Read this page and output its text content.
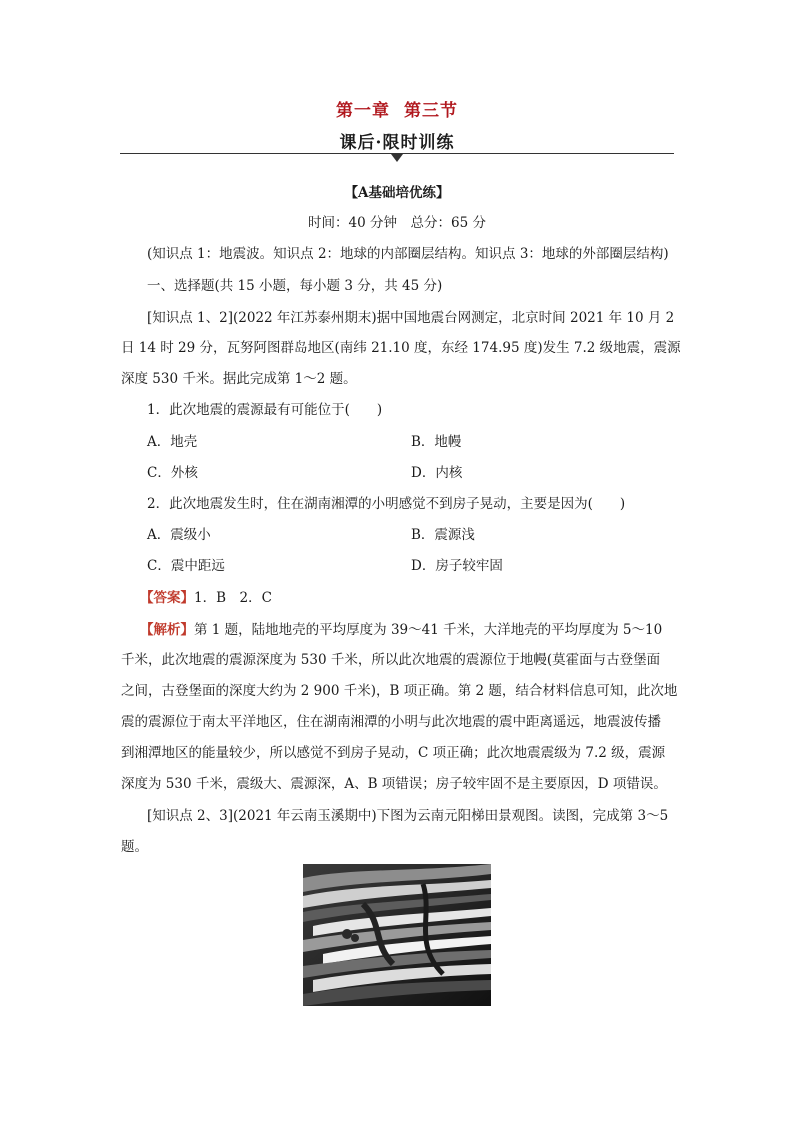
第一章 第三节
课后·限时训练
【A基础培优练】
时间：40 分钟　总分：65 分
(知识点 1：地震波。知识点 2：地球的内部圈层结构。知识点 3：地球的外部圈层结构)
一、选择题(共 15 小题，每小题 3 分，共 45 分)
[知识点 1、2](2022 年江苏泰州期末)据中国地震台网测定，北京时间 2021 年 10 月 2
日 14 时 29 分，瓦努阿图群岛地区(南纬 21.10 度，东经 174.95 度)发生 7.2 级地震，震源
深度 530 千米。据此完成第 1～2 题。
1．此次地震的震源最有可能位于(　　)
A．地壳	B．地幔
C．外核	D．内核
2．此次地震发生时，住在湖南湘潭的小明感觉不到房子晃动，主要是因为(　　)
A．震级小	B．震源浅
C．震中距远	D．房子较牢固
【答案】1．B　2．C
【解析】第 1 题，陆地地壳的平均厚度为 39～41 千米，大洋地壳的平均厚度为 5～10
千米，此次地震的震源深度为 530 千米，所以此次地震的震源位于地幔(莫霍面与古登堡面
之间，古登堡面的深度大约为 2 900 千米)，B 项正确。第 2 题，结合材料信息可知，此次地
震的震源位于南太平洋地区，住在湖南湘潭的小明与此次地震的震中距离遥远，地震波传播
到湘潭地区的能量较少，所以感觉不到房子晃动，C 项正确；此次地震震级为 7.2 级，震源
深度为 530 千米，震级大、震源深，A、B 项错误；房子较牢固不是主要原因，D 项错误。
[知识点 2、3](2021 年云南玉溪期中)下图为云南元阳梯田景观图。读图，完成第 3～5
题。
